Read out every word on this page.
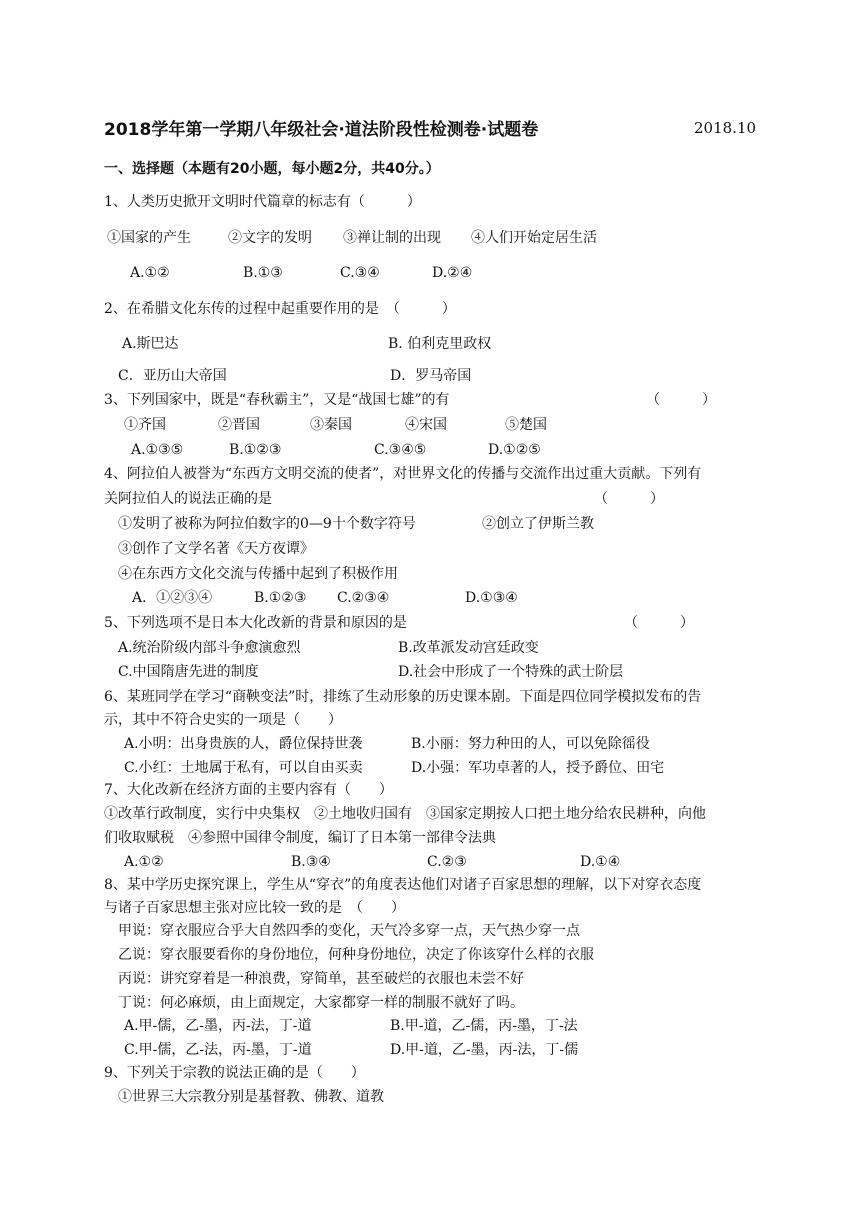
2018学年第一学期八年级社会·道法阶段性检测卷·试题卷	2018.10
一、选择题（本题有20小题，每小题2分，共40分。）
1、人类历史掀开文明时代篇章的标志有（　　　）
①国家的产生	②文字的发明 ③禅让制的出现 ④人们开始定居生活
A.①②	B.①③	C.③④	D.②④
2、在希腊文化东传的过程中起重要作用的是　（　　　）
A.斯巴达	B. 伯利克里政权
C．亚历山大帝国	D．罗马帝国
3、下列国家中，既是“春秋霸主”，又是“战国七雄”的有	（　　　）
①齐国	②晋国	③秦国	④宋国	⑤楚国
A.①③⑤	B.①②③	C.③④⑤	D.①②⑤
4、阿拉伯人被誉为“东西方文明交流的使者”，对世界文化的传播与交流作出过重大贡献。下列有
关阿拉伯人的说法正确的是	（　　　）
①发明了被称为阿拉伯数字的0—9十个数字符号	②创立了伊斯兰教
③创作了文学名著《天方夜谭》
④在东西方文化交流与传播中起到了积极作用
A．①②③④	B.①②③ C.②③④	D.①③④
5、下列选项不是日本大化改新的背景和原因的是	（　　　）
A.统治阶级内部斗争愈演愈烈	B.改革派发动宫廷政变
C.中国隋唐先进的制度	D.社会中形成了一个特殊的武士阶层
6、某班同学在学习“商鞅变法”时，排练了生动形象的历史课本剧。下面是四位同学模拟发布的告
示，其中不符合史实的一项是（　　）
A.小明：出身贵族的人，爵位保持世袭	B.小丽：努力种田的人，可以免除徭役
C.小红：土地属于私有，可以自由买卖	D.小强：军功卓著的人，授予爵位、田宅
7、大化改新在经济方面的主要内容有（　　）
①改革行政制度，实行中央集权　②土地收归国有　③国家定期按人口把土地分给农民耕种，向他
们收取赋税　④参照中国律令制度，编订了日本第一部律令法典
A.①②	B.③④	C.②③	D.①④
8、某中学历史探究课上，学生从“穿衣”的角度表达他们对诸子百家思想的理解，以下对穿衣态度
与诸子百家思想主张对应比较一致的是　（　　）
甲说：穿衣服应合乎大自然四季的变化，天气冷多穿一点，天气热少穿一点
乙说：穿衣服要看你的身份地位，何种身份地位，决定了你该穿什么样的衣服
丙说：讲究穿着是一种浪费，穿简单，甚至破烂的衣服也未尝不好
丁说：何必麻烦，由上面规定，大家都穿一样的制服不就好了吗。
A.甲-儒，乙-墨，丙-法，丁-道	B.甲-道，乙-儒，丙-墨，丁-法
C.甲-儒，乙-法，丙-墨，丁-道	D.甲-道，乙-墨，丙-法，丁-儒
9、下列关于宗教的说法正确的是（　　）
①世界三大宗教分别是基督教、佛教、道教
